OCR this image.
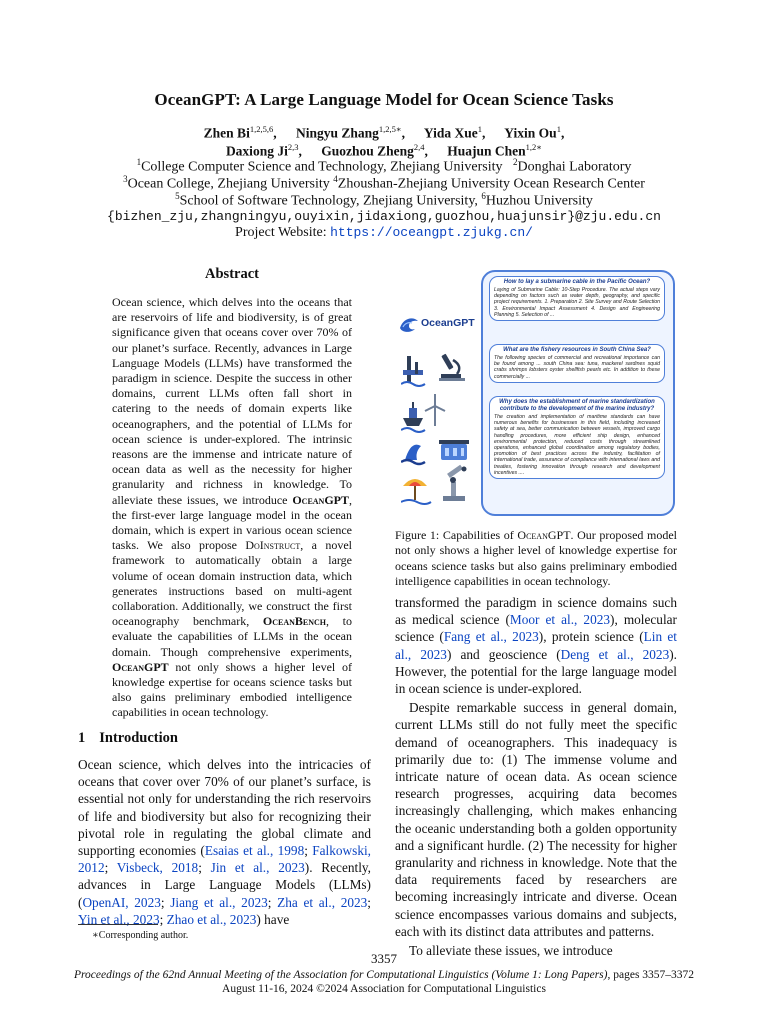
OceanGPT: A Large Language Model for Ocean Science Tasks
Zhen Bi$^{1,2,5,6}$, Ningyu Zhang$^{1,2,5∗}$, Yida Xue$^1$, Yixin Ou$^1$,
Daxiong Ji$^{2,3}$, Guozhou Zheng$^{2,4}$, Huajun Chen$^{1,2∗}$
$^1$College Computer Science and Technology, Zhejiang University $^2$Donghai Laboratory
$^3$Ocean College, Zhejiang University $^4$Zhoushan-Zhejiang University Ocean Research Center
$^5$School of Software Technology, Zhejiang University, $^6$Huzhou University
{bizhen_zju,zhangningyu,ouyixin,jidaxiong,guozhou,huajunsir}@zju.edu.cn
Project Website: https://oceangpt.zjukg.cn/
Abstract
Ocean science, which delves into the oceans that are reservoirs of life and biodiversity, is of great significance given that oceans cover over 70% of our planet’s surface. Recently, advances in Large Language Models (LLMs) have transformed the paradigm in science. Despite the success in other domains, current LLMs often fall short in catering to the needs of domain experts like oceanographers, and the potential of LLMs for ocean science is under-explored. The intrinsic reasons are the immense and intricate nature of ocean data as well as the necessity for higher granularity and richness in knowledge. To alleviate these issues, we introduce OceanGPT, the first-ever large language model in the ocean domain, which is expert in various ocean science tasks. We also propose DoInstruct, a novel framework to automatically obtain a large volume of ocean domain instruction data, which generates instructions based on multi-agent collaboration. Additionally, we construct the first oceanography benchmark, OceanBench, to evaluate the capabilities of LLMs in the ocean domain. Though comprehensive experiments, OceanGPT not only shows a higher level of knowledge expertise for oceans science tasks but also gains preliminary embodied intelligence capabilities in ocean technology.
1 Introduction
Ocean science, which delves into the intricacies of oceans that cover over 70% of our planet’s surface, is essential not only for understanding the rich reservoirs of life and biodiversity but also for recognizing their pivotal role in regulating the global climate and supporting economies (Esaias et al., 1998; Falkowski, 2012; Visbeck, 2018; Jin et al., 2023). Recently, advances in Large Language Models (LLMs) (OpenAI, 2023; Jiang et al., 2023; Zha et al., 2023; Yin et al., 2023; Zhao et al., 2023) have
∗Corresponding author.
OceanGPT
How to lay a submarine cable in the Pacific Ocean?
Laying of Submarine Cable: 10-Step Procedure. The actual steps vary depending on factors such as water depth, geography, and specific project requirements. 1. Preparation 2. Site Survey and Route Selection 3. Environmental Impact Assessment 4. Design and Engineering Planning 5. Selection of ...
What are the fishery resources in South China Sea?
The following species of commercial and recreational importance can be found among ... south China sea: tuna, mackerel sardines squid crabs shrimps lobsters oyster shellfish pearls etc. In addition to these commercially ...
Why does the establishment of marine standardization contribute to the development of the marine industry?
The creation and implementation of maritime standards can have numerous benefits for businesses in this field, including increased safety at sea, better communication between vessels, improved cargo handling procedures, more efficient ship design, enhanced environmental protection, reduced costs through streamlined operations, enhanced global coordination among regulatory bodies, promotion of best practices across the industry, facilitation of international trade, assurance of compliance with international laws and treaties, fostering innovation through research and development incentives ....
Figure 1: Capabilities of OceanGPT. Our proposed model not only shows a higher level of knowledge expertise for oceans science tasks but also gains preliminary embodied intelligence capabilities in ocean technology.

transformed the paradigm in science domains such as medical science (Moor et al., 2023), molecular science (Fang et al., 2023), protein science (Lin et al., 2023) and geoscience (Deng et al., 2023). However, the potential for the large language model in ocean science is under-explored.

Despite remarkable success in general domain, current LLMs still do not fully meet the specific demand of oceanographers. This inadequacy is primarily due to: (1) The immense volume and intricate nature of ocean data. As ocean science research progresses, acquiring data becomes increasingly challenging, which makes enhancing the oceanic understanding both a golden opportunity and a significant hurdle. (2) The necessity for higher granularity and richness in knowledge. Note that the data requirements faced by researchers are becoming increasingly intricate and diverse. Ocean science encompasses various domains and subjects, each with its distinct data attributes and patterns.

To alleviate these issues, we introduce

3357
Proceedings of the 62nd Annual Meeting of the Association for Computational Linguistics (Volume 1: Long Papers), pages 3357–3372
August 11-16, 2024 ©2024 Association for Computational Linguistics
